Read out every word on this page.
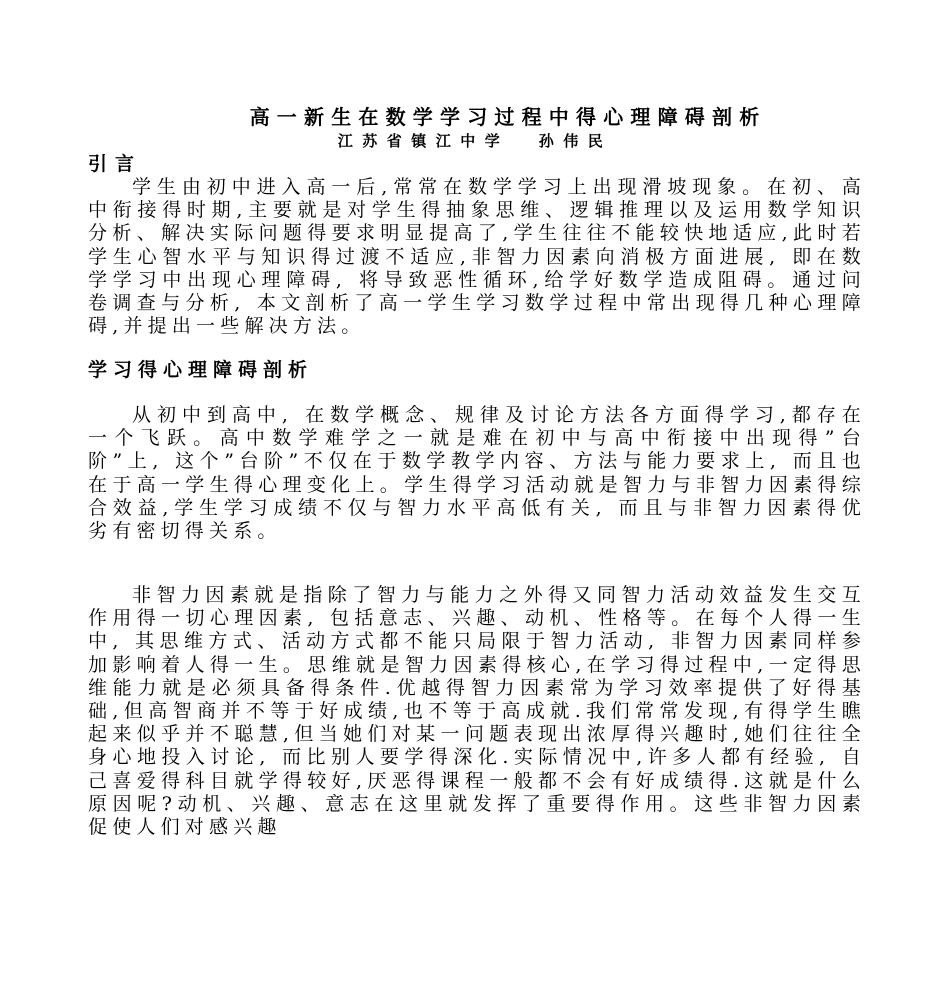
高一新生在数学学习过程中得心理障碍剖析
江苏省镇江中学  孙伟民
引言
学生由初中进入高一后,常常在数学学习上出现滑坡现象。在初、高中衔接得时期,主要就是对学生得抽象思维、逻辑推理以及运用数学知识分析、解决实际问题得要求明显提高了,学生往往不能较快地适应,此时若学生心智水平与知识得过渡不适应,非智力因素向消极方面进展, 即在数学学习中出现心理障碍, 将导致恶性循环,给学好数学造成阻碍。通过问卷调查与分析, 本文剖析了高一学生学习数学过程中常出现得几种心理障碍,并提出一些解决方法。
学习得心理障碍剖析
从初中到高中, 在数学概念、规律及讨论方法各方面得学习,都存在一个飞跃。高中数学难学之一就是难在初中与高中衔接中出现得”台阶”上, 这个”台阶”不仅在于数学教学内容、方法与能力要求上, 而且也在于高一学生得心理变化上。学生得学习活动就是智力与非智力因素得综合效益,学生学习成绩不仅与智力水平高低有关, 而且与非智力因素得优劣有密切得关系。
非智力因素就是指除了智力与能力之外得又同智力活动效益发生交互作用得一切心理因素, 包括意志、兴趣、动机、性格等。在每个人得一生中, 其思维方式、活动方式都不能只局限于智力活动, 非智力因素同样参加影响着人得一生。思维就是智力因素得核心,在学习得过程中,一定得思维能力就是必须具备得条件.优越得智力因素常为学习效率提供了好得基础,但高智商并不等于好成绩,也不等于高成就.我们常常发现,有得学生瞧起来似乎并不聪慧,但当她们对某一问题表现出浓厚得兴趣时,她们往往全身心地投入讨论, 而比别人要学得深化.实际情况中,许多人都有经验, 自己喜爱得科目就学得较好,厌恶得课程一般都不会有好成绩得.这就是什么原因呢?动机、兴趣、意志在这里就发挥了重要得作用。这些非智力因素促使人们对感兴趣
